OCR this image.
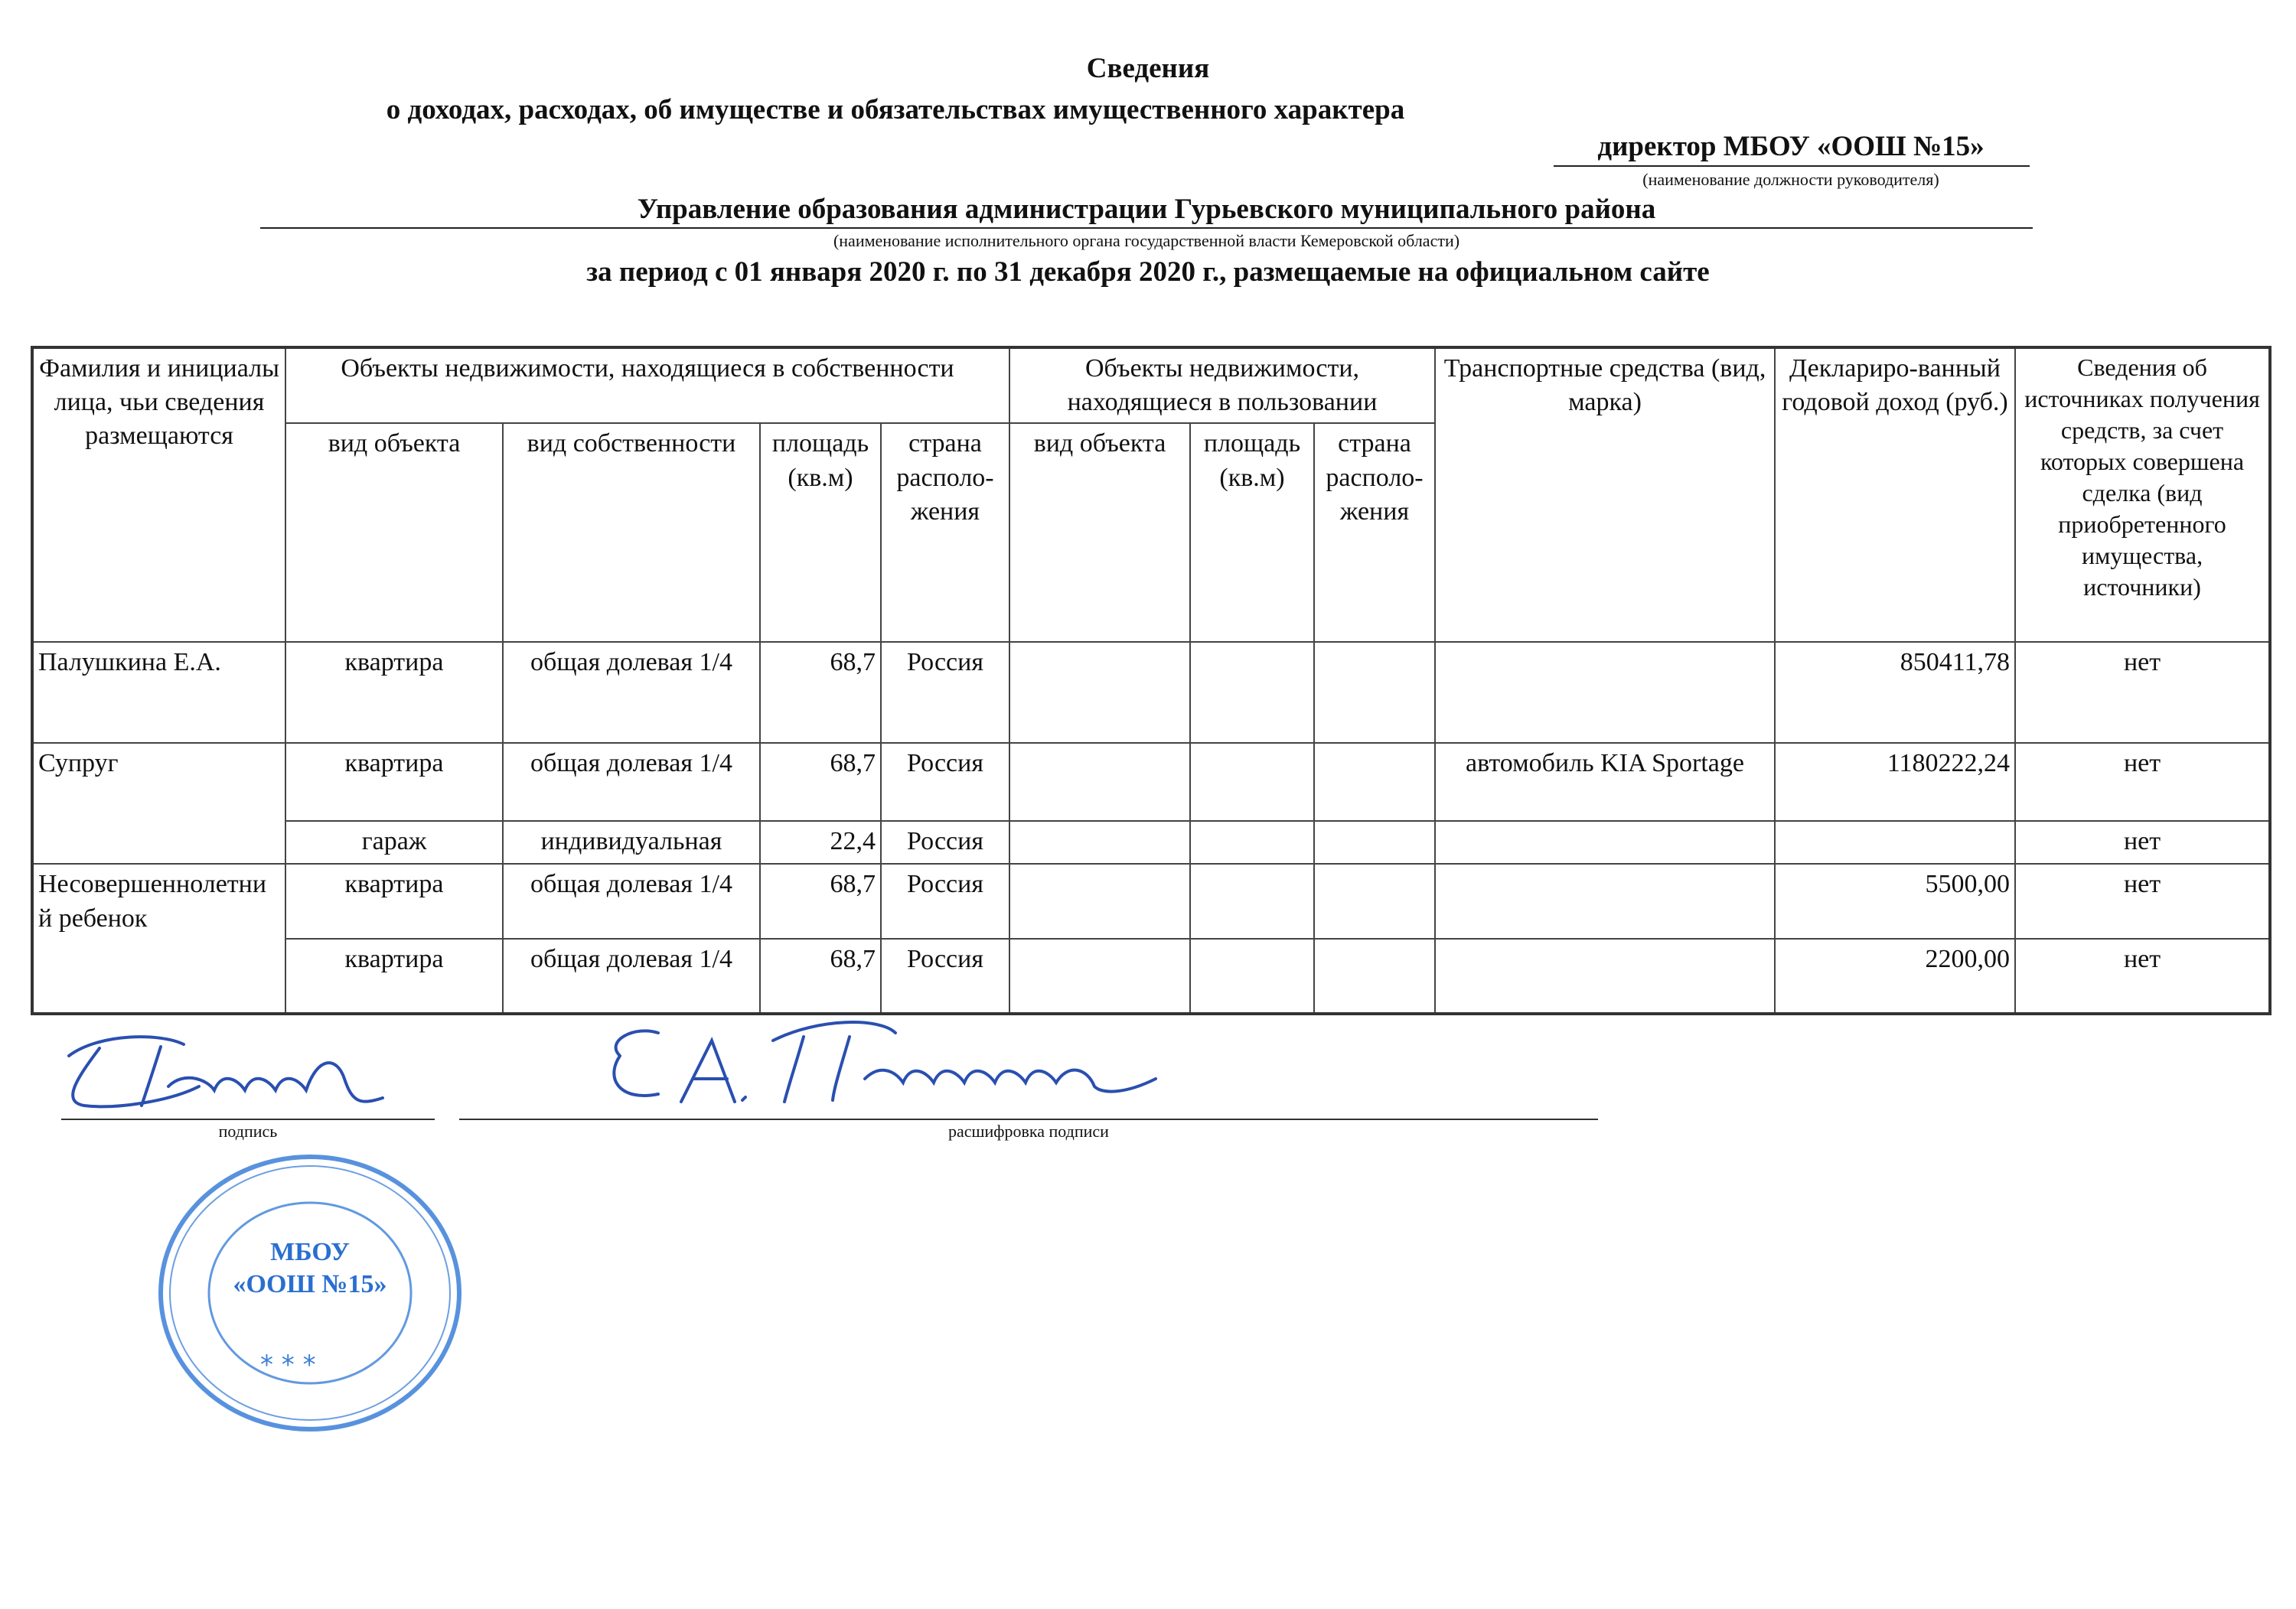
Сведения
о доходах, расходах, об имуществе и обязательствах имущественного характера
директор МБОУ «ООШ №15»
(наименование должности руководителя)
Управление образования администрации Гурьевского муниципального района
(наименование исполнительного органа государственной власти Кемеровской области)
за период с 01 января 2020 г. по 31 декабря 2020 г., размещаемые на официальном сайте
Фамилия и инициалы лица, чьи сведения размещаются	Объекты недвижимости, находящиеся в собственности				Объекты недвижимости, находящиеся в пользовании			Транспортные средства (вид, марка)	Деклариро-ванный годовой доход (руб.)	Сведения об источниках получения средств, за счет которых совершена сделка (вид приобретенного имущества, источники)
	вид объекта	вид собственности	площадь (кв.м)	страна располо-жения	вид объекта	площадь (кв.м)	страна располо-жения			
Палушкина Е.А.	квартира	общая долевая 1/4	68,7	Россия					850411,78	нет
Супруг	квартира	общая долевая 1/4	68,7	Россия				автомобиль KIA Sportage	1180222,24	нет
	гараж	индивидуальная	22,4	Россия						нет
Несовершеннолетний ребенок	квартира	общая долевая 1/4	68,7	Россия					5500,00	нет
	квартира	общая долевая 1/4	68,7	Россия					2200,00	нет
подпись	расшифровка подписи
* * *
МБОУ
«ООШ №15»
